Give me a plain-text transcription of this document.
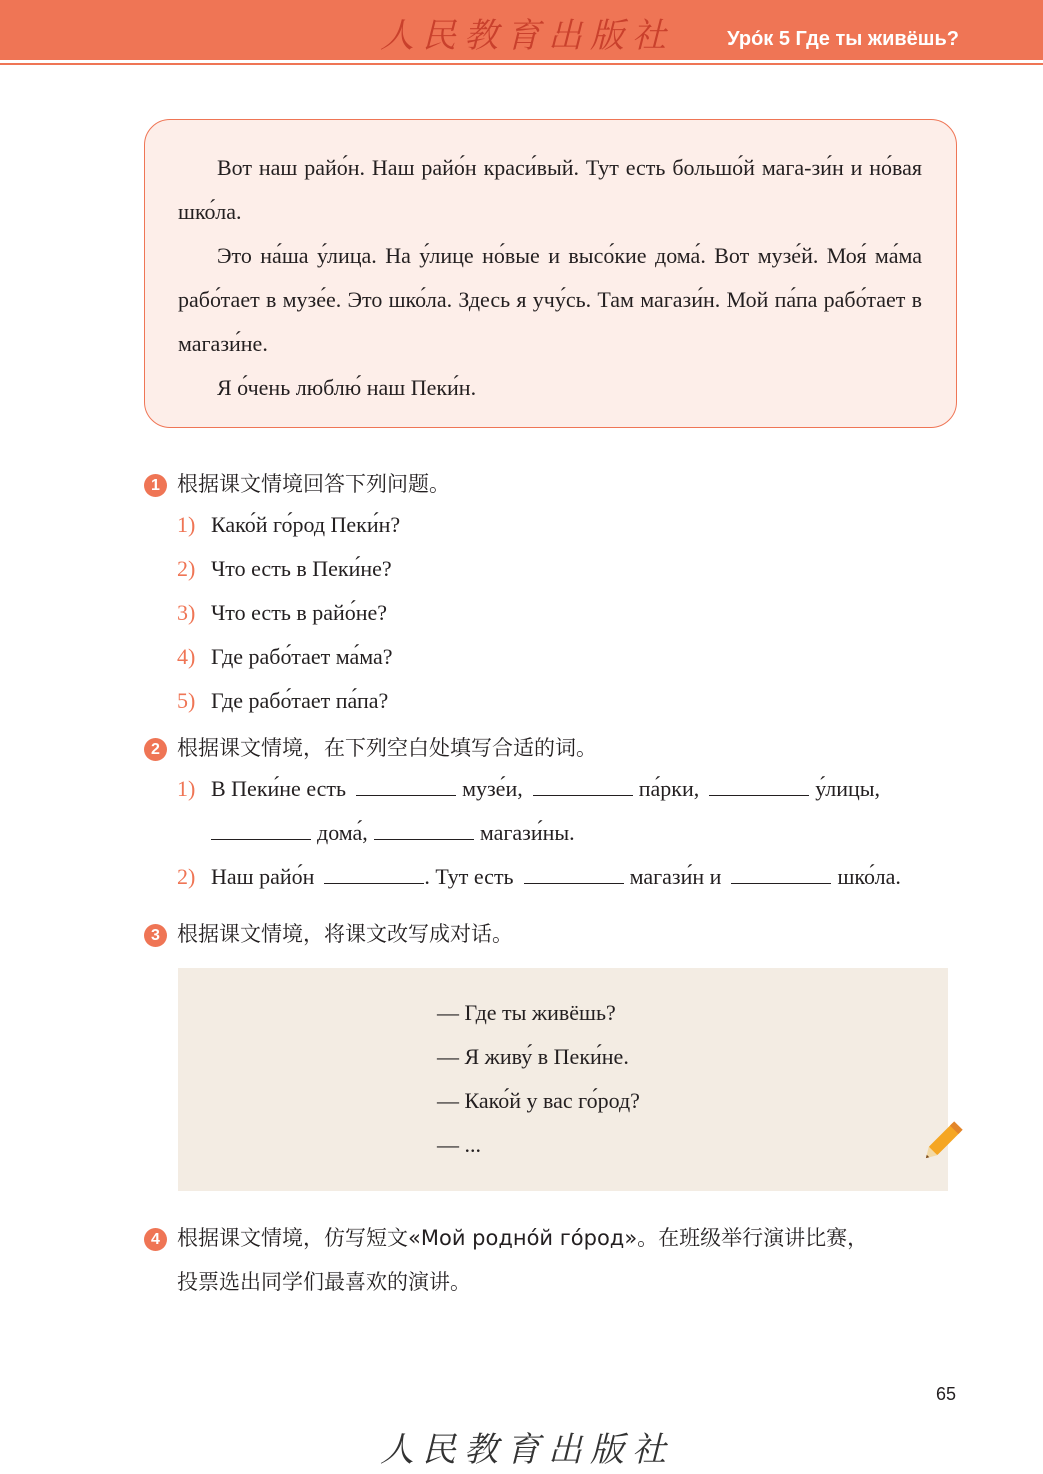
人民教育出版社	Уро́к 5 Где ты живёшь?

Вот наш райо́н. Наш райо́н краси́вый. Тут есть большо́й мага-зи́н и но́вая шко́ла.

Это на́ша у́лица. На у́лице но́вые и высо́кие дома́. Вот музе́й. Моя́ ма́ма рабо́тает в музе́е. Это шко́ла. Здесь я учу́сь. Там магази́н. Мой па́па рабо́тает в магази́не.

Я о́чень люблю́ наш Пеки́н.

1 根据课文情境回答下列问题。
1) Како́й го́род Пеки́н?
2) Что есть в Пеки́не?
3) Что есть в райо́не?
4) Где рабо́тает ма́ма?
5) Где рабо́тает па́па?
2 根据课文情境，在下列空白处填写合适的词。
1) В Пеки́не есть	музе́и,	па́рки,	у́лицы,
дома́,	магази́ны.
2) Наш райо́н	. Тут есть	магази́н и	шко́ла.
3 根据课文情境，将课文改写成对话。
— Где ты живёшь?
— Я живу́ в Пеки́не.
— Како́й у вас го́род?
— ...
4 根据课文情境，仿写短文«Мой родно́й го́род»。在班级举行演讲比赛，
投票选出同学们最喜欢的演讲。
65
人民教育出版社
